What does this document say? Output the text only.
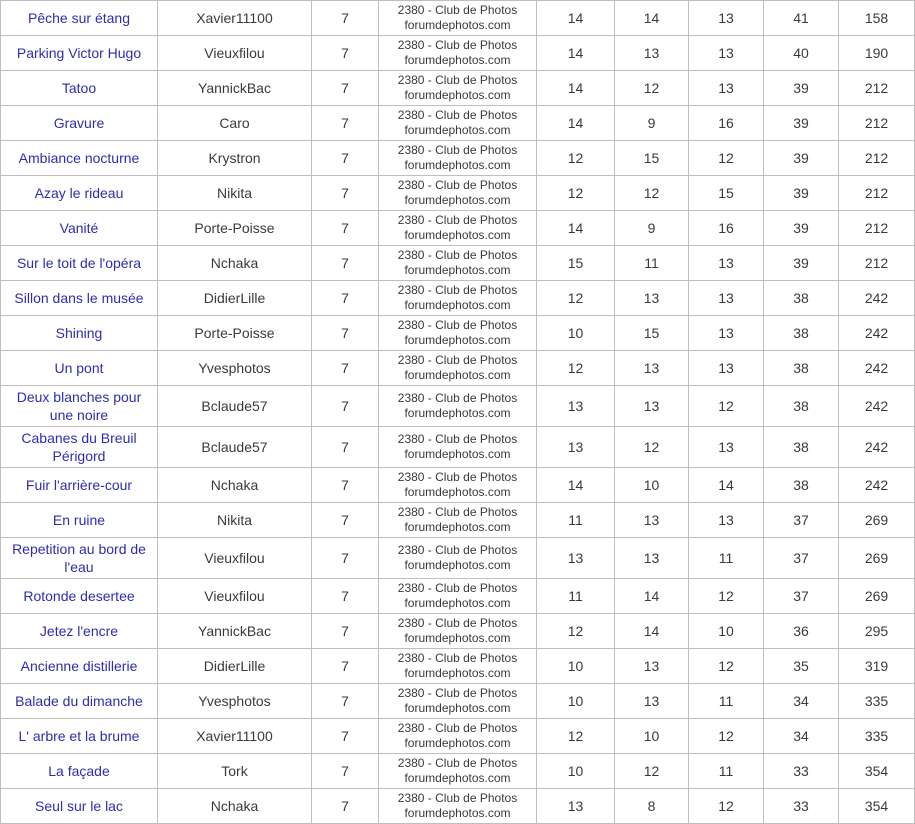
Pêche sur étang	Xavier11100	7	2380 - Club de Photos
forumdephotos.com	14	14	13	41	158
Parking Victor Hugo	Vieuxfilou	7	2380 - Club de Photos
forumdephotos.com	14	13	13	40	190
Tatoo	YannickBac	7	2380 - Club de Photos
forumdephotos.com	14	12	13	39	212
Gravure	Caro	7	2380 - Club de Photos
forumdephotos.com	14	9	16	39	212
Ambiance nocturne	Krystron	7	2380 - Club de Photos
forumdephotos.com	12	15	12	39	212
Azay le rideau	Nikita	7	2380 - Club de Photos
forumdephotos.com	12	12	15	39	212
Vanité	Porte-Poisse	7	2380 - Club de Photos
forumdephotos.com	14	9	16	39	212
Sur le toit de l'opéra	Nchaka	7	2380 - Club de Photos
forumdephotos.com	15	11	13	39	212
Sillon dans le musée	DidierLille	7	2380 - Club de Photos
forumdephotos.com	12	13	13	38	242
Shining	Porte-Poisse	7	2380 - Club de Photos
forumdephotos.com	10	15	13	38	242
Un pont	Yvesphotos	7	2380 - Club de Photos
forumdephotos.com	12	13	13	38	242
Deux blanches pour une noire	Bclaude57	7	2380 - Club de Photos
forumdephotos.com	13	13	12	38	242
Cabanes du Breuil Périgord	Bclaude57	7	2380 - Club de Photos
forumdephotos.com	13	12	13	38	242
Fuir l'arrière-cour	Nchaka	7	2380 - Club de Photos
forumdephotos.com	14	10	14	38	242
En ruine	Nikita	7	2380 - Club de Photos
forumdephotos.com	11	13	13	37	269
Repetition au bord de l'eau	Vieuxfilou	7	2380 - Club de Photos
forumdephotos.com	13	13	11	37	269
Rotonde desertee	Vieuxfilou	7	2380 - Club de Photos
forumdephotos.com	11	14	12	37	269
Jetez l'encre	YannickBac	7	2380 - Club de Photos
forumdephotos.com	12	14	10	36	295
Ancienne distillerie	DidierLille	7	2380 - Club de Photos
forumdephotos.com	10	13	12	35	319
Balade du dimanche	Yvesphotos	7	2380 - Club de Photos
forumdephotos.com	10	13	11	34	335
L' arbre et la brume	Xavier11100	7	2380 - Club de Photos
forumdephotos.com	12	10	12	34	335
La façade	Tork	7	2380 - Club de Photos
forumdephotos.com	10	12	11	33	354
Seul sur le lac	Nchaka	7	2380 - Club de Photos
forumdephotos.com	13	8	12	33	354
